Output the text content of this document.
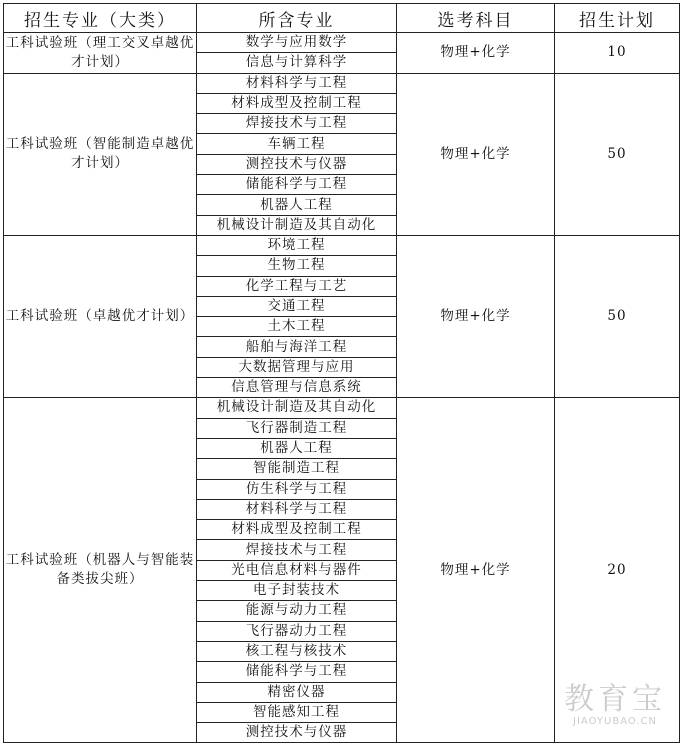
招生专业（大类）	所含专业	选考科目	招生计划
工科试验班（理工交叉卓越优才计划）	数学与应用数学	物理+化学	10
	信息与计算科学		
工科试验班（智能制造卓越优才计划）	材料科学与工程	物理+化学	50
	材料成型及控制工程		
	焊接技术与工程		
	车辆工程		
	测控技术与仪器		
	储能科学与工程		
	机器人工程		
	机械设计制造及其自动化		
工科试验班（卓越优才计划）	环境工程	物理+化学	50
	生物工程		
	化学工程与工艺		
	交通工程		
	土木工程		
	船舶与海洋工程		
	大数据管理与应用		
	信息管理与信息系统		
工科试验班（机器人与智能装备类拔尖班）	机械设计制造及其自动化	物理+化学	20
	飞行器制造工程		
	机器人工程		
	智能制造工程		
	仿生科学与工程		
	材料科学与工程		
	材料成型及控制工程		
	焊接技术与工程		
	光电信息材料与器件		
	电子封装技术		
	能源与动力工程		
	飞行器动力工程		
	核工程与核技术		
	储能科学与工程		
	精密仪器		
	智能感知工程		
	测控技术与仪器		
教育宝
JIAOYUBAO.CN
